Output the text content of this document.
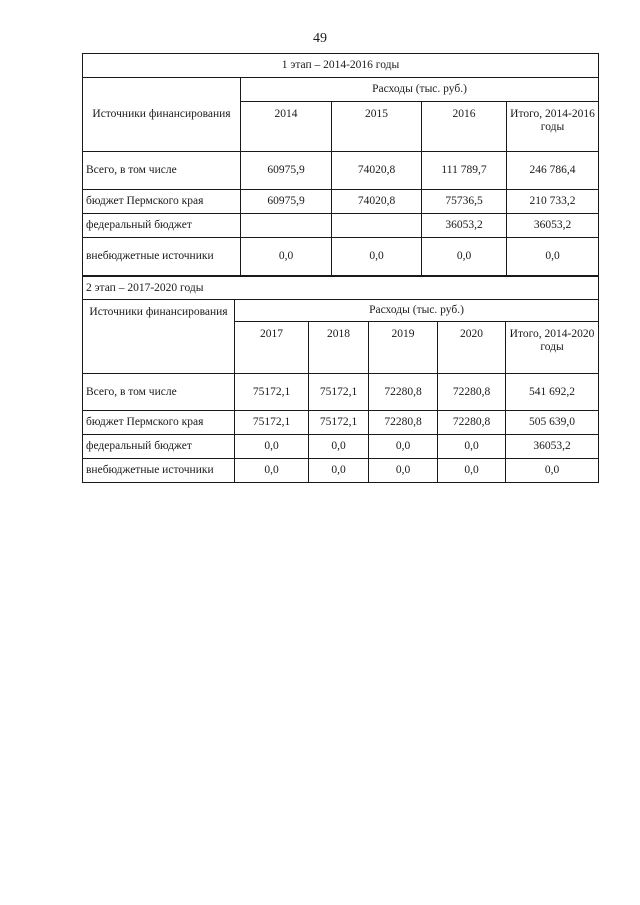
49
1 этап – 2014-2016 годы				
Источники финансирования	Расходы (тыс. руб.)			
	2014	2015	2016	Итого, 2014-2016 годы
Всего, в том числе	60975,9	74020,8	111 789,7	246 786,4
бюджет Пермского края	60975,9	74020,8	75736,5	210 733,2
федеральный бюджет			36053,2	36053,2
внебюджетные источники	0,0	0,0	0,0	0,0
2 этап – 2017-2020 годы					
Источники финансирования	Расходы (тыс. руб.)				
	2017	2018	2019	2020	Итого, 2014-2020 годы
Всего, в том числе	75172,1	75172,1	72280,8	72280,8	541 692,2
бюджет Пермского края	75172,1	75172,1	72280,8	72280,8	505 639,0
федеральный бюджет	0,0	0,0	0,0	0,0	36053,2
внебюджетные источники	0,0	0,0	0,0	0,0	0,0
